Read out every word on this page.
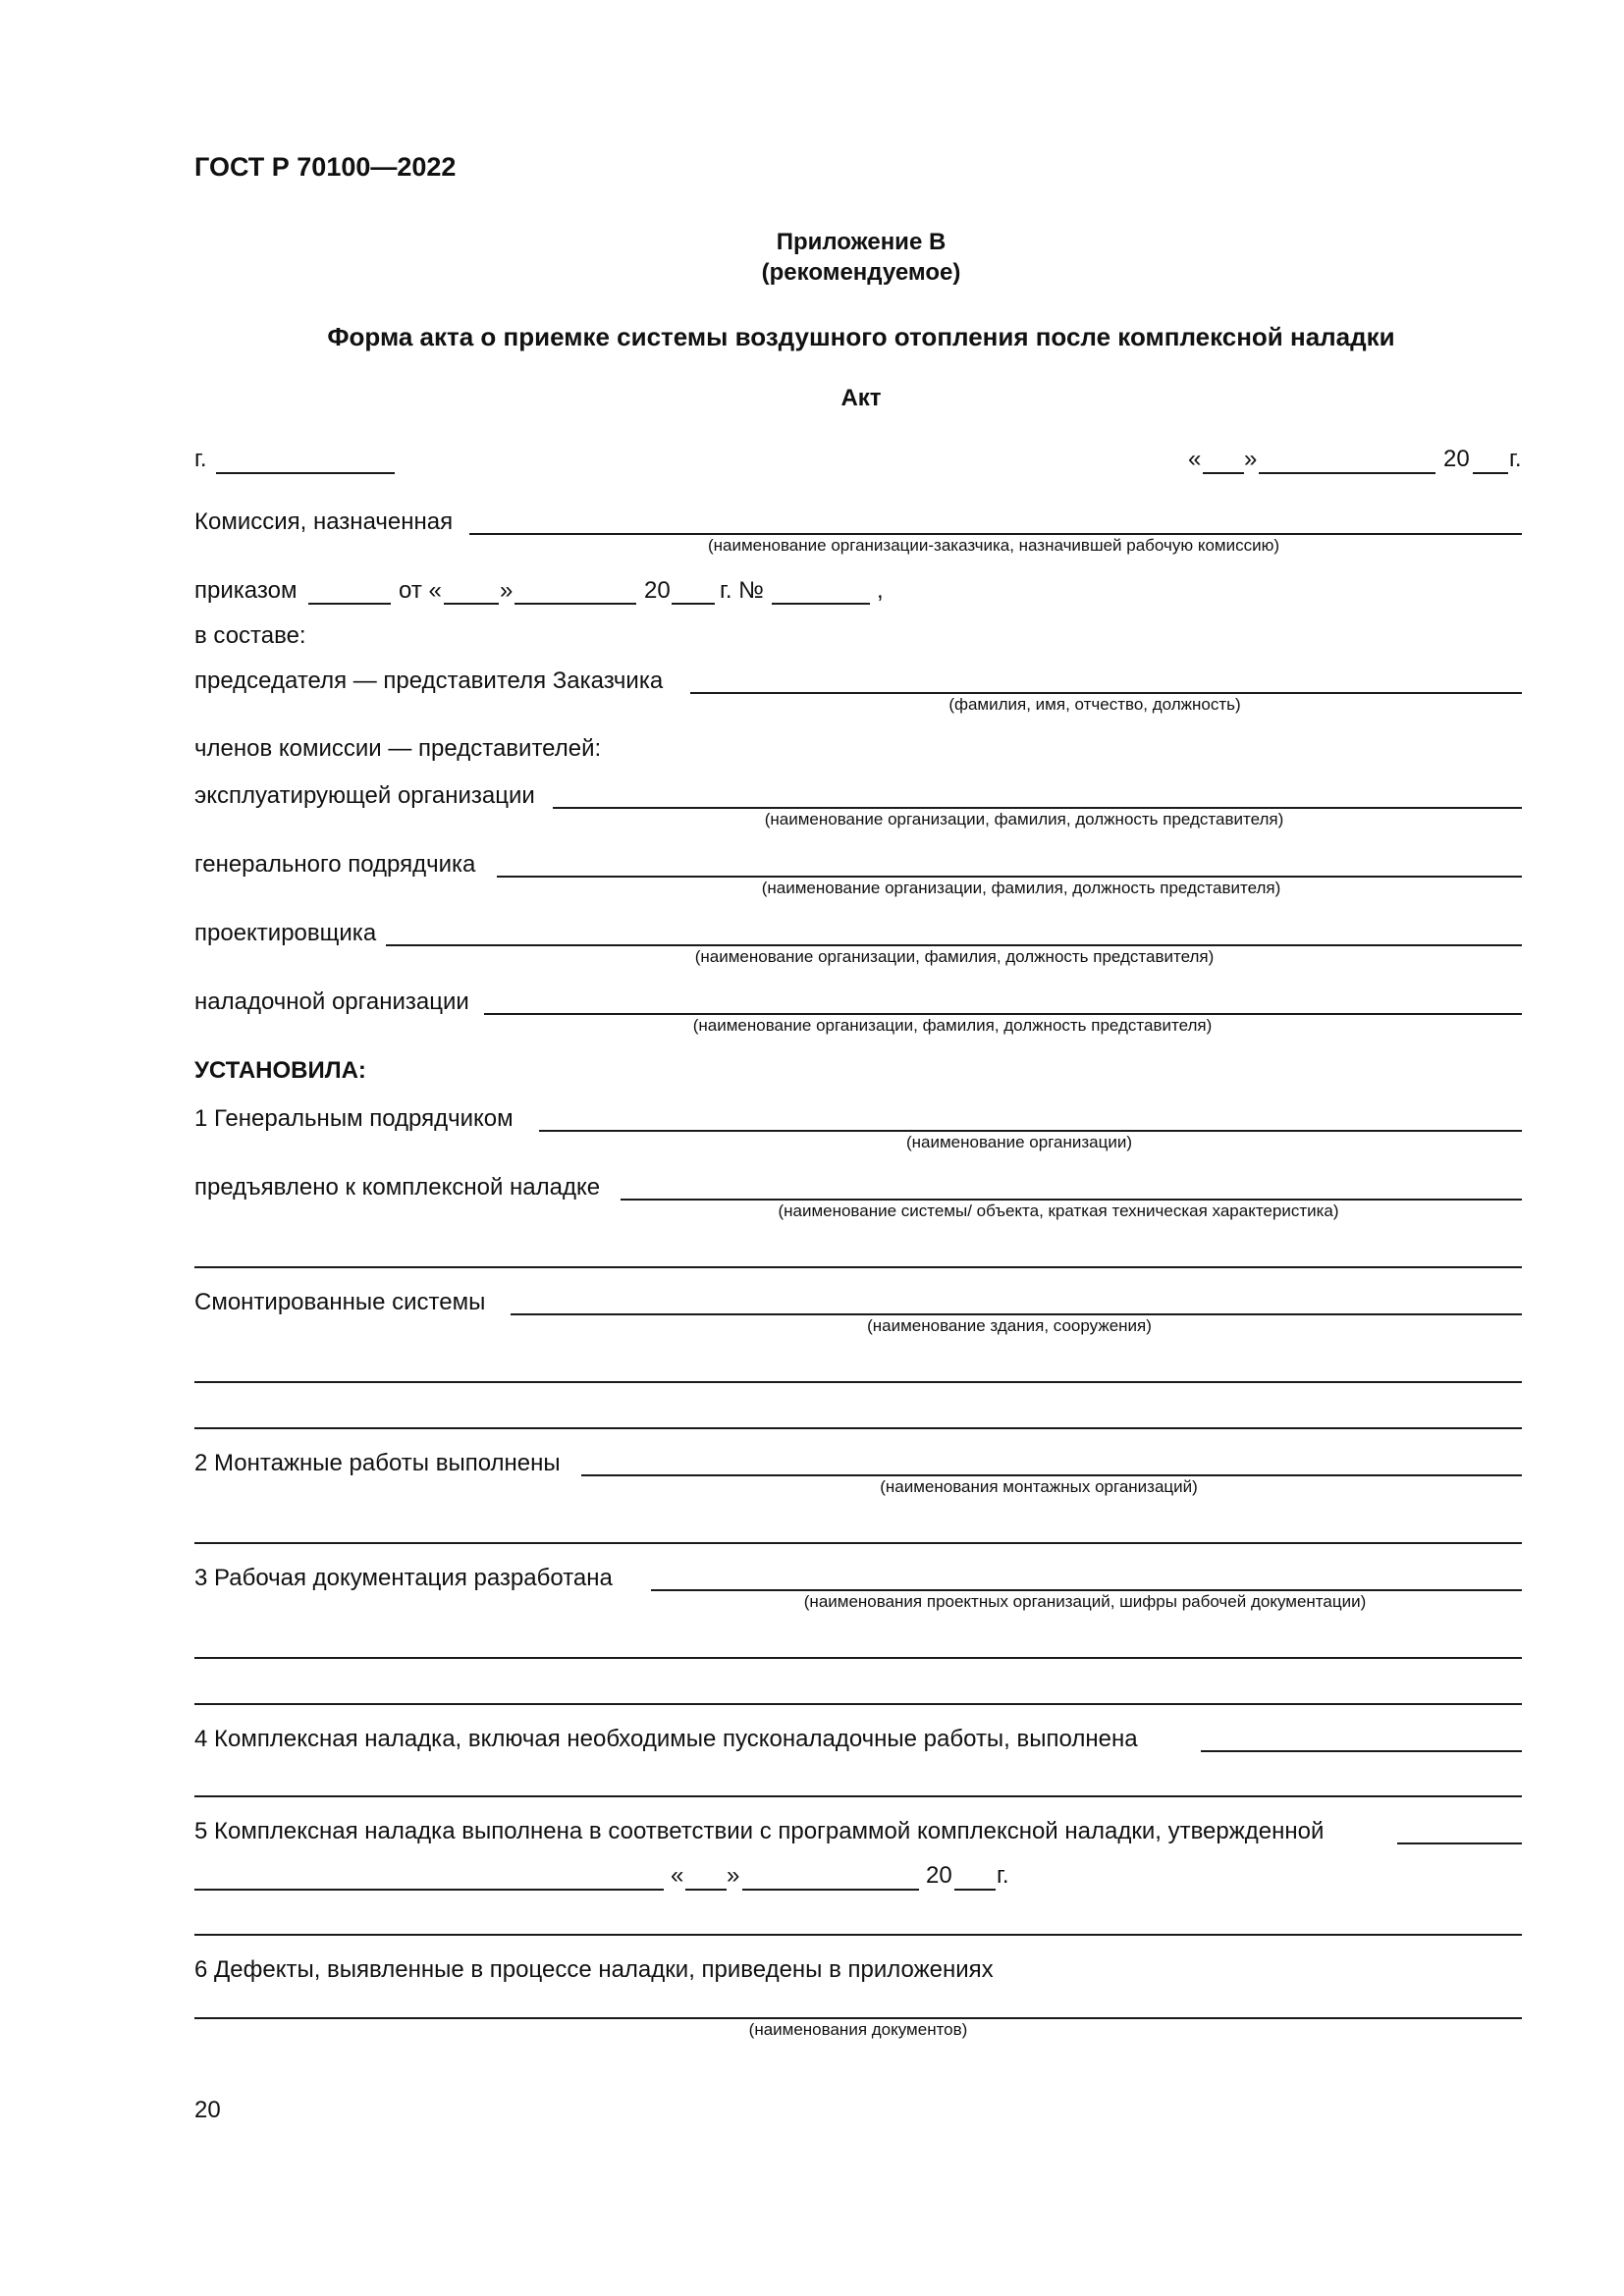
ГОСТ Р 70100—2022
Приложение В
(рекомендуемое)
Форма акта о приемке системы воздушного отопления после комплексной наладки
Акт
г.	« »	20 г.
Комиссия, назначенная
(наименование организации-заказчика, назначившей рабочую комиссию)
приказом	от « »	20 г. №	,
в составе:
председателя — представителя Заказчика
(фамилия, имя, отчество, должность)
членов комиссии — представителей:
эксплуатирующей организации
(наименование организации, фамилия, должность представителя)
генерального подрядчика
(наименование организации, фамилия, должность представителя)
проектировщика
(наименование организации, фамилия, должность представителя)
наладочной организации
(наименование организации, фамилия, должность представителя)
УСТАНОВИЛА:
1 Генеральным подрядчиком
(наименование организации)
предъявлено к комплексной наладке
(наименование системы/ объекта, краткая техническая характеристика)
Смонтированные системы
(наименование здания, сооружения)
2 Монтажные работы выполнены
(наименования монтажных организаций)
3 Рабочая документация разработана
(наименования проектных организаций, шифры рабочей документации)
4 Комплексная наладка, включая необходимые пусконаладочные работы, выполнена
5 Комплексная наладка выполнена в соответствии с программой комплексной наладки, утвержденной
« »	20 г.
6 Дефекты, выявленные в процессе наладки, приведены в приложениях
(наименования документов)
20
